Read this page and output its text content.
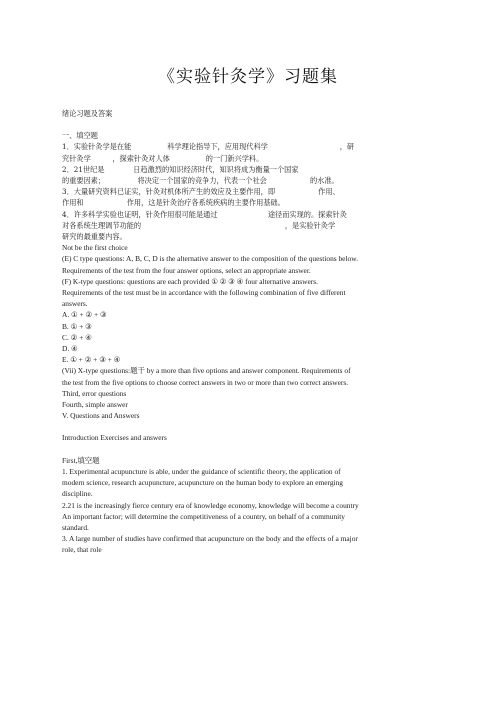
《实验针灸学》习题集
绪论习题及答案
一、填空题
1．实验针灸学是在能　　　　　科学理论指导下，应用现代科学　　　　　　　　　　，研
究针灸学　　　，探索针灸对人体　　　　　的一门新兴学科。
2．21世纪是　　　　日趋激烈的知识经济时代，知识将成为衡量一个国家
的重要因素；　　　　　将决定一个国家的竞争力，代表一个社会　　　　　　的水准。
3．大量研究资料已证实，针灸对机体所产生的效应及主要作用，即　　　　　　作用、
作用和　　　　　　作用，这是针灸治疗各系统疾病的主要作用基础。
4．许多科学实验也证明，针灸作用很可能是通过　　　　　　　途径而实现的。探索针灸
对各系统生理调节功能的　　　　　　　　　　　　　　　　　　　　，是实验针灸学
研究的最重要内容。
Not be the first choice
(E) C type questions: A, B, C, D is the alternative answer to the composition of the questions below.
Requirements of the test from the four answer options, select an appropriate answer.
(F) K-type questions: questions are each provided ① ② ③ ④ four alternative answers.
Requirements of the test must be in accordance with the following combination of five different
answers.
A. ① + ② + ③
B. ① + ③
C. ② + ④
D. ④
E. ① + ② + ③ + ④
(Vii) X-type questions:题干 by a more than five options and answer component. Requirements of
the test from the five options to choose correct answers in two or more than two correct answers.
Third, error questions
Fourth, simple answer
V. Questions and Answers
Introduction Exercises and answers
First,填空题
1. Experimental acupuncture is able, under the guidance of scientific theory, the application of
modern science, research acupuncture, acupuncture on the human body to explore an emerging
discipline.
2.21 is the increasingly fierce century era of knowledge economy, knowledge will become a country
An important factor; will determine the competitiveness of a country, on behalf of a community
standard.
3. A large number of studies have confirmed that acupuncture on the body and the effects of a major
role, that role
